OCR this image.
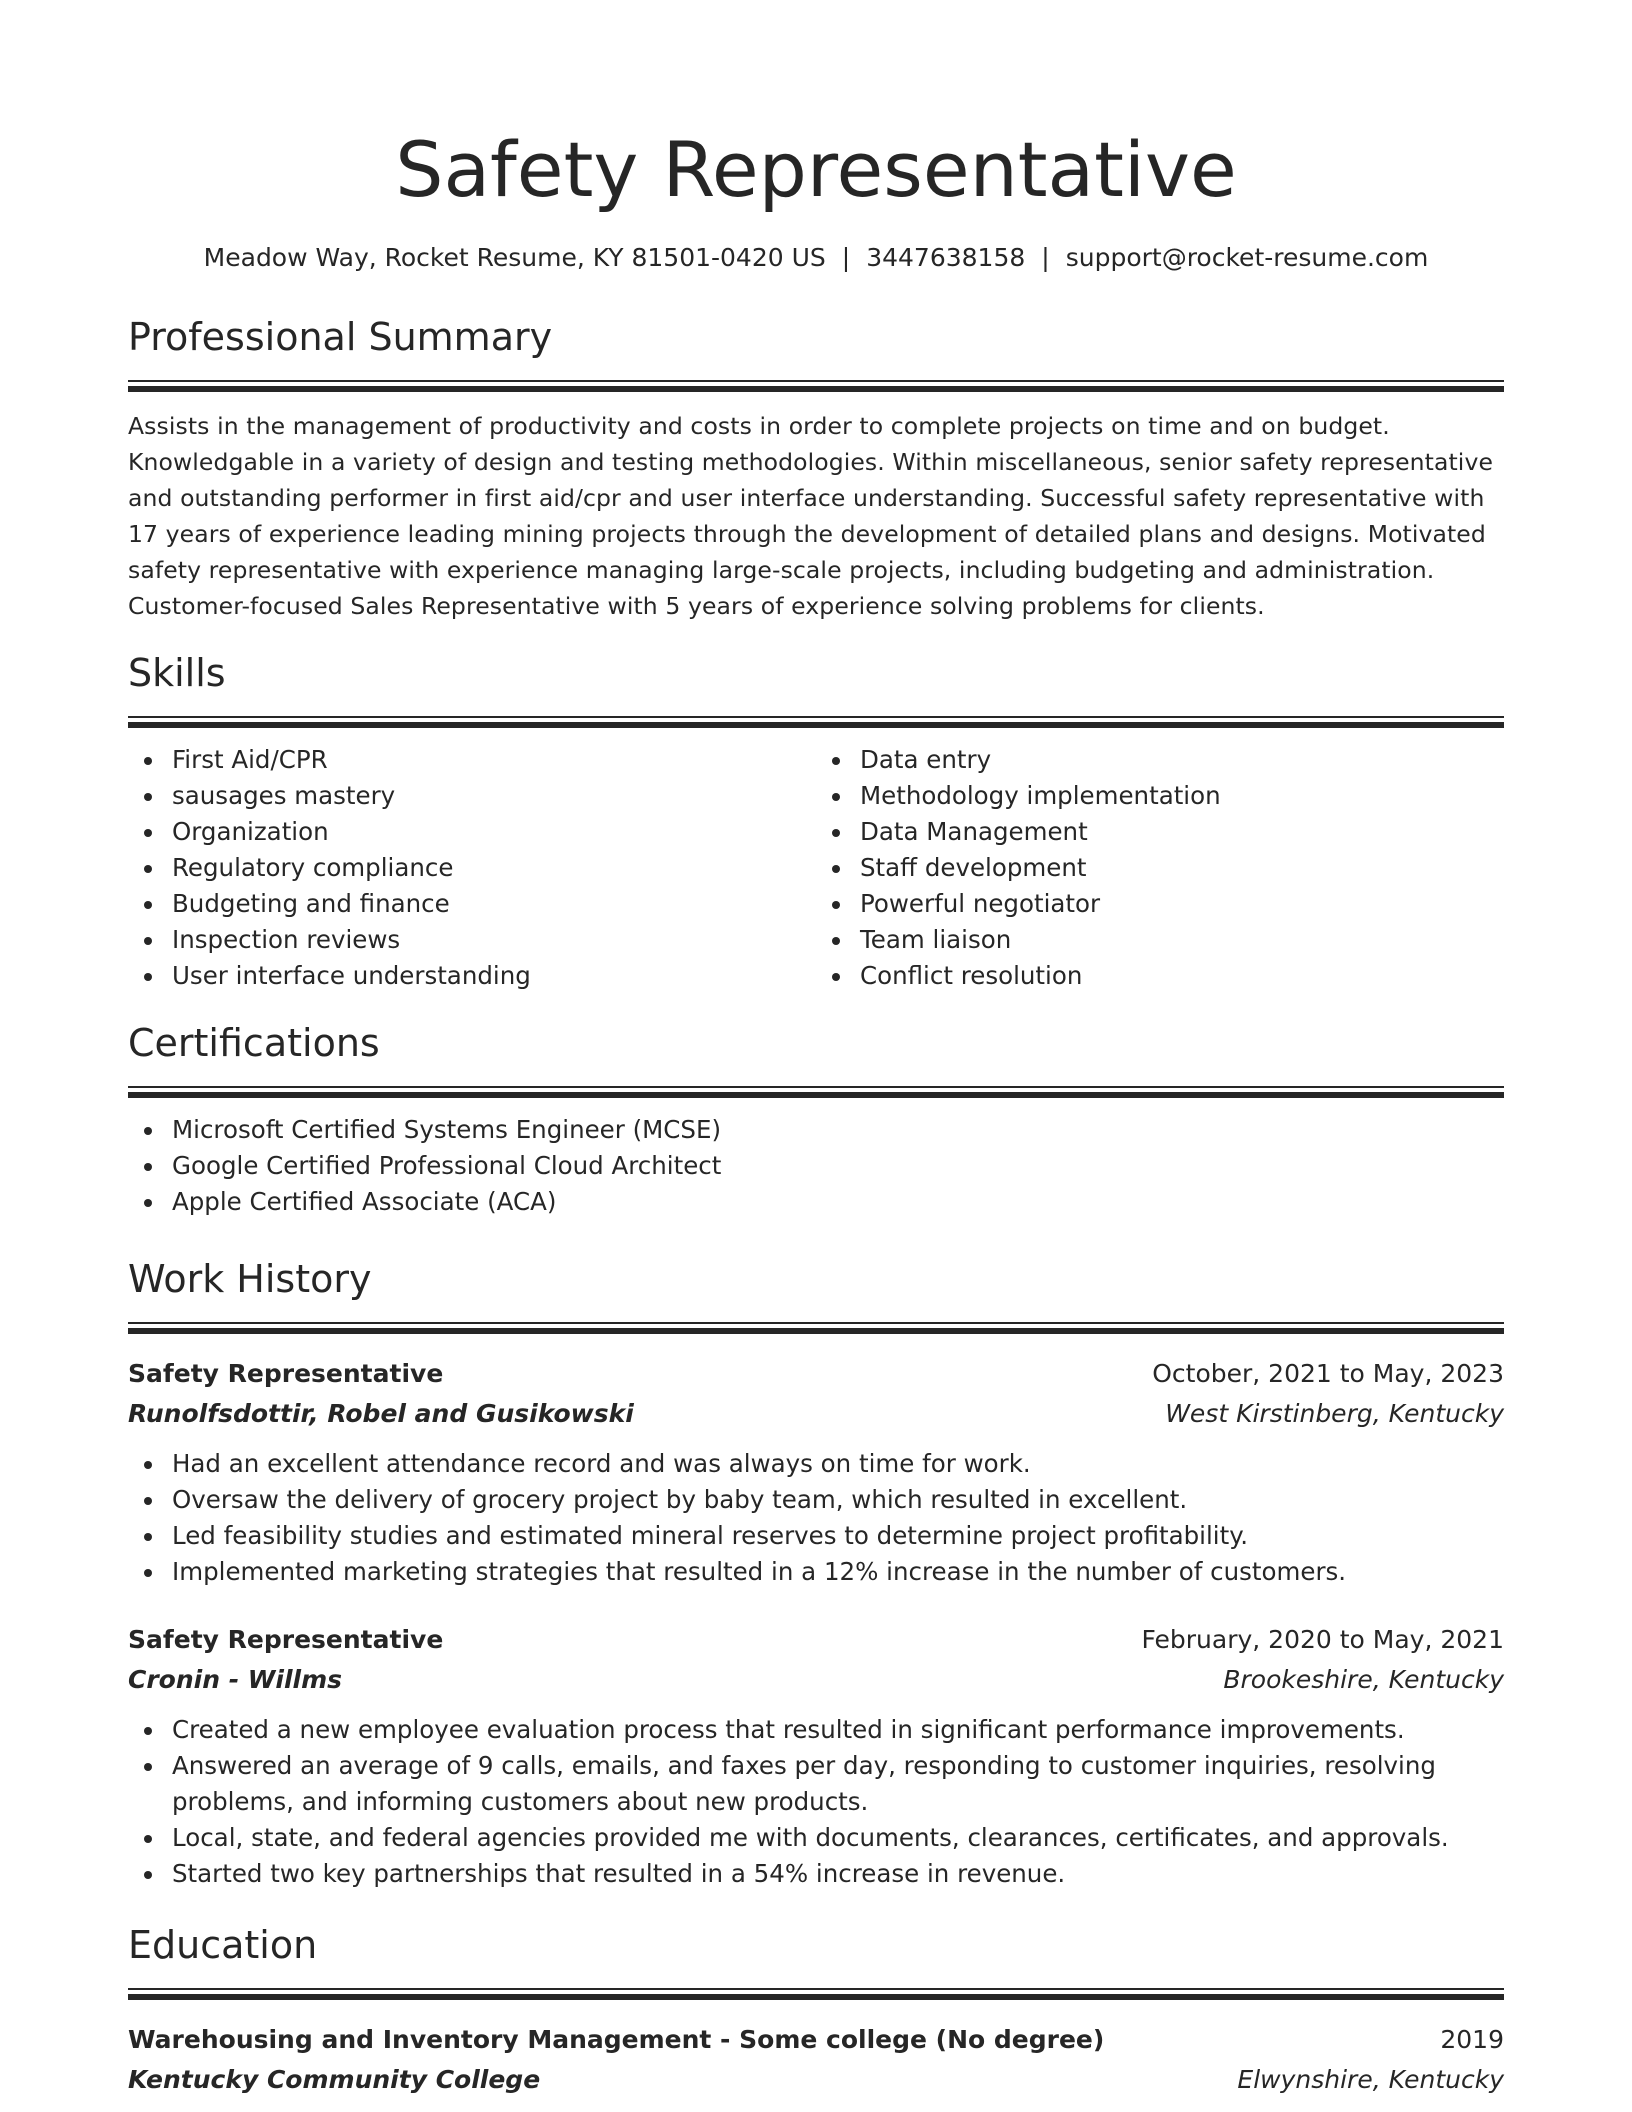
Safety Representative
Meadow Way, Rocket Resume, KY 81501-0420 US | 3447638158 | support@rocket-resume.com
Professional Summary
Assists in the management of productivity and costs in order to complete projects on time and on budget. Knowledgable in a variety of design and testing methodologies. Within miscellaneous, senior safety representative and outstanding performer in first aid/cpr and user interface understanding. Successful safety representative with 17 years of experience leading mining projects through the development of detailed plans and designs. Motivated safety representative with experience managing large-scale projects, including budgeting and administration. Customer-focused Sales Representative with 5 years of experience solving problems for clients.
Skills
First Aid/CPR
sausages mastery
Organization
Regulatory compliance
Budgeting and finance
Inspection reviews
User interface understanding
Data entry
Methodology implementation
Data Management
Staff development
Powerful negotiator
Team liaison
Conflict resolution
Certifications
Microsoft Certified Systems Engineer (MCSE)
Google Certified Professional Cloud Architect
Apple Certified Associate (ACA)
Work History
Safety Representative	October, 2021 to May, 2023
Runolfsdottir, Robel and Gusikowski	West Kirstinberg, Kentucky
Had an excellent attendance record and was always on time for work.
Oversaw the delivery of grocery project by baby team, which resulted in excellent.
Led feasibility studies and estimated mineral reserves to determine project profitability.
Implemented marketing strategies that resulted in a 12% increase in the number of customers.
Safety Representative	February, 2020 to May, 2021
Cronin - Willms	Brookeshire, Kentucky
Created a new employee evaluation process that resulted in significant performance improvements.
Answered an average of 9 calls, emails, and faxes per day, responding to customer inquiries, resolving problems, and informing customers about new products.
Local, state, and federal agencies provided me with documents, clearances, certificates, and approvals.
Started two key partnerships that resulted in a 54% increase in revenue.
Education
Warehousing and Inventory Management - Some college (No degree)	2019
Kentucky Community College	Elwynshire, Kentucky
